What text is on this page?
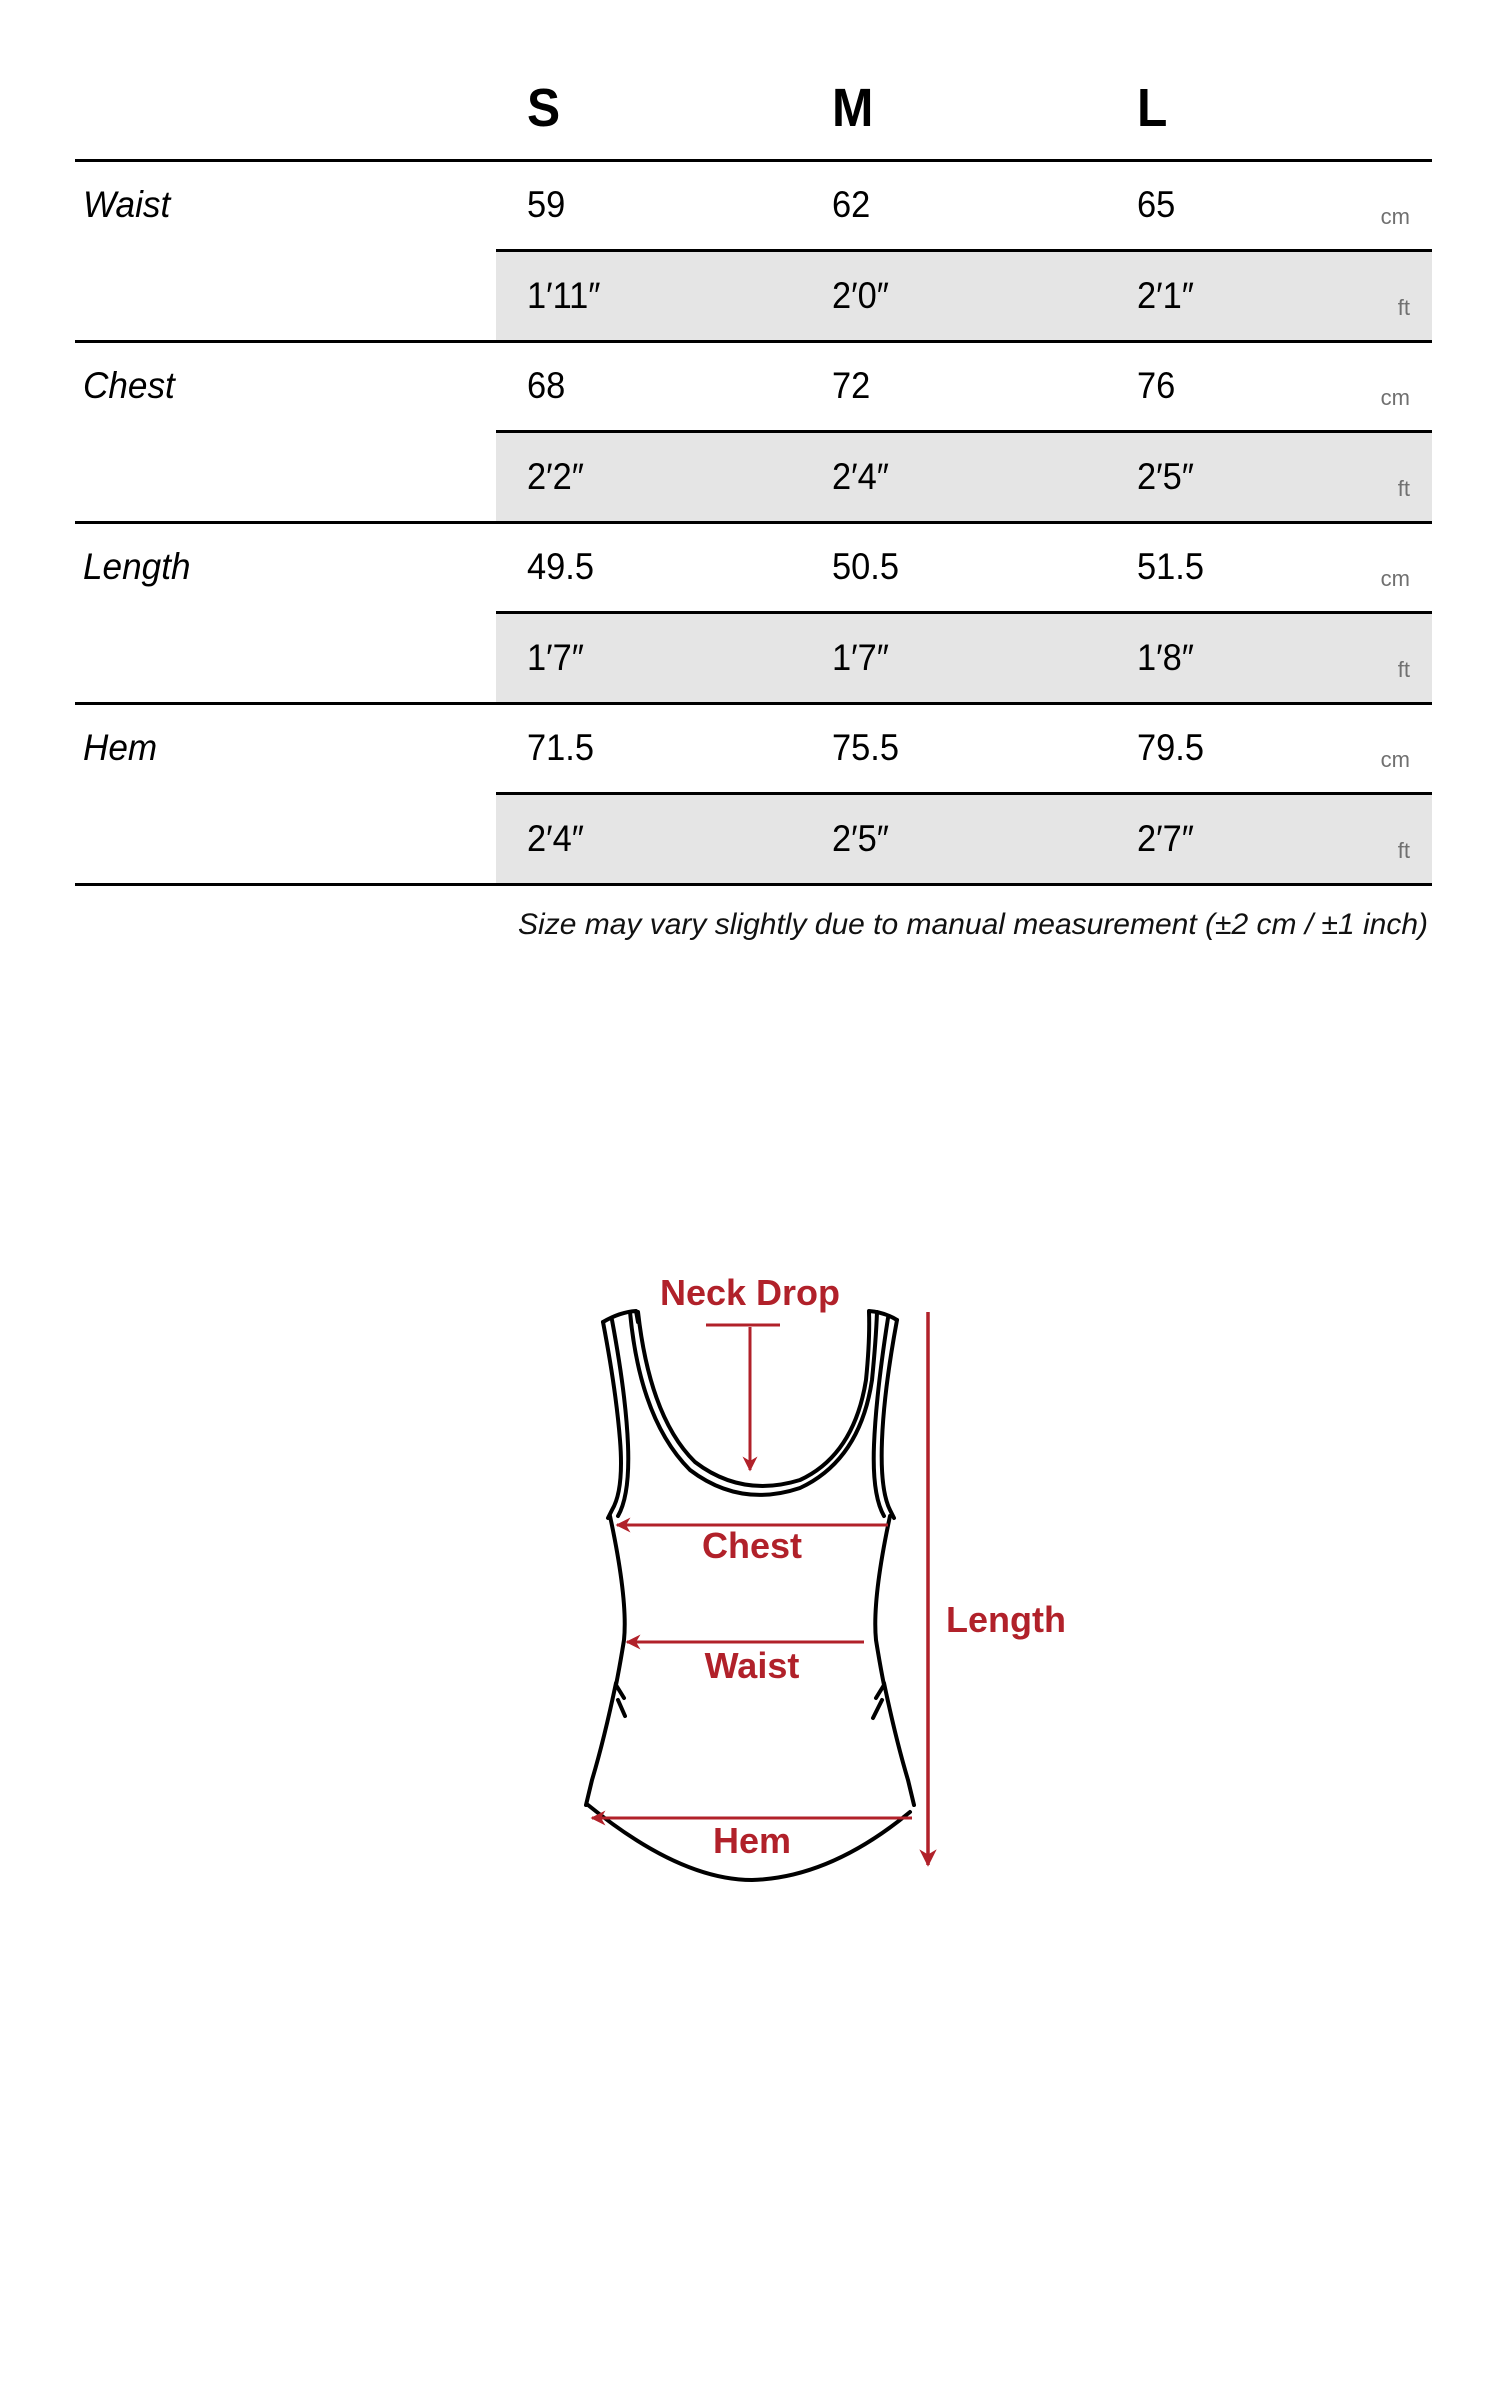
S	M	L
Waist	59	62	65	cm
1′11″	2′0″	2′1″	ft
Chest	68	72	76	cm
2′2″	2′4″	2′5″	ft
Length	49.5	50.5	51.5	cm
1′7″	1′7″	1′8″	ft
Hem	71.5	75.5	79.5	cm
2′4″	2′5″	2′7″	ft
Size may vary slightly due to manual measurement (±2 cm / ±1 inch)
Neck Drop
Chest
Waist
Hem
Length
